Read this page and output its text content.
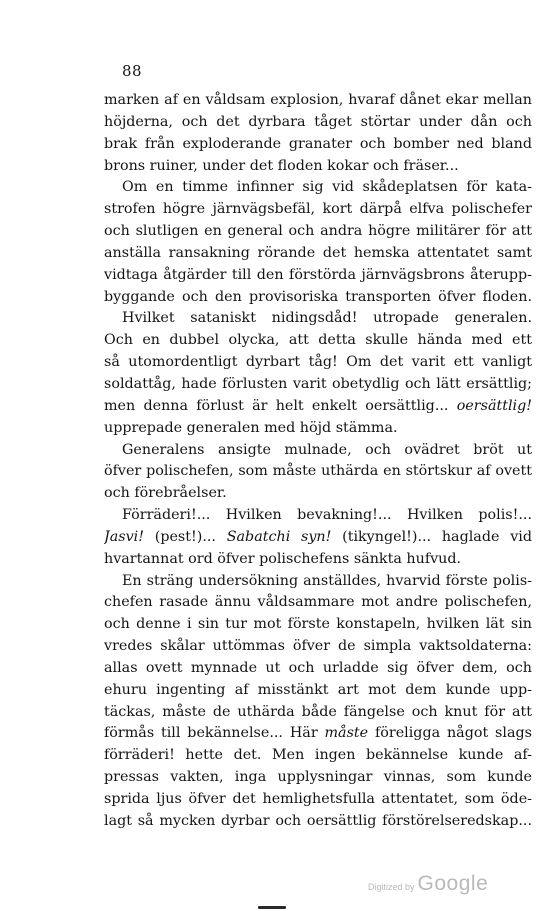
88
marken af en våldsam explosion, hvaraf dånet ekar mellan
höjderna, och det dyrbara tåget störtar under dån och
brak från exploderande granater och bomber ned bland
brons ruiner, under det floden kokar och fräser...
Om en timme infinner sig vid skådeplatsen för kata-
strofen högre järnvägsbefäl, kort därpå elfva polischefer
och slutligen en general och andra högre militärer för att
anställa ransakning rörande det hemska attentatet samt
vidtaga åtgärder till den förstörda järnvägsbrons återupp-
byggande och den provisoriska transporten öfver floden.
Hvilket sataniskt nidingsdåd! utropade generalen.
Och en dubbel olycka, att detta skulle hända med ett
så utomordentligt dyrbart tåg! Om det varit ett vanligt
soldattåg, hade förlusten varit obetydlig och lätt ersättlig;
men denna förlust är helt enkelt oersättlig... oersättlig!
upprepade generalen med höjd stämma.
Generalens ansigte mulnade, och ovädret bröt ut
öfver polischefen, som måste uthärda en störtskur af ovett
och förebråelser.
Förräderi!... Hvilken bevakning!... Hvilken polis!...
Jasvi! (pest!)... Sabatchi syn! (tikyngel!)... haglade vid
hvartannat ord öfver polischefens sänkta hufvud.
En sträng undersökning anställdes, hvarvid förste polis-
chefen rasade ännu våldsammare mot andre polischefen,
och denne i sin tur mot förste konstapeln, hvilken lät sin
vredes skålar uttömmas öfver de simpla vaktsoldaterna:
allas ovett mynnade ut och urladde sig öfver dem, och
ehuru ingenting af misstänkt art mot dem kunde upp-
täckas, måste de uthärda både fängelse och knut för att
förmås till bekännelse... Här måste föreligga något slags
förräderi! hette det. Men ingen bekännelse kunde af-
pressas vakten, inga upplysningar vinnas, som kunde
sprida ljus öfver det hemlighetsfulla attentatet, som öde-
lagt så mycken dyrbar och oersättlig förstörelseredskap...
Digitized by Google
